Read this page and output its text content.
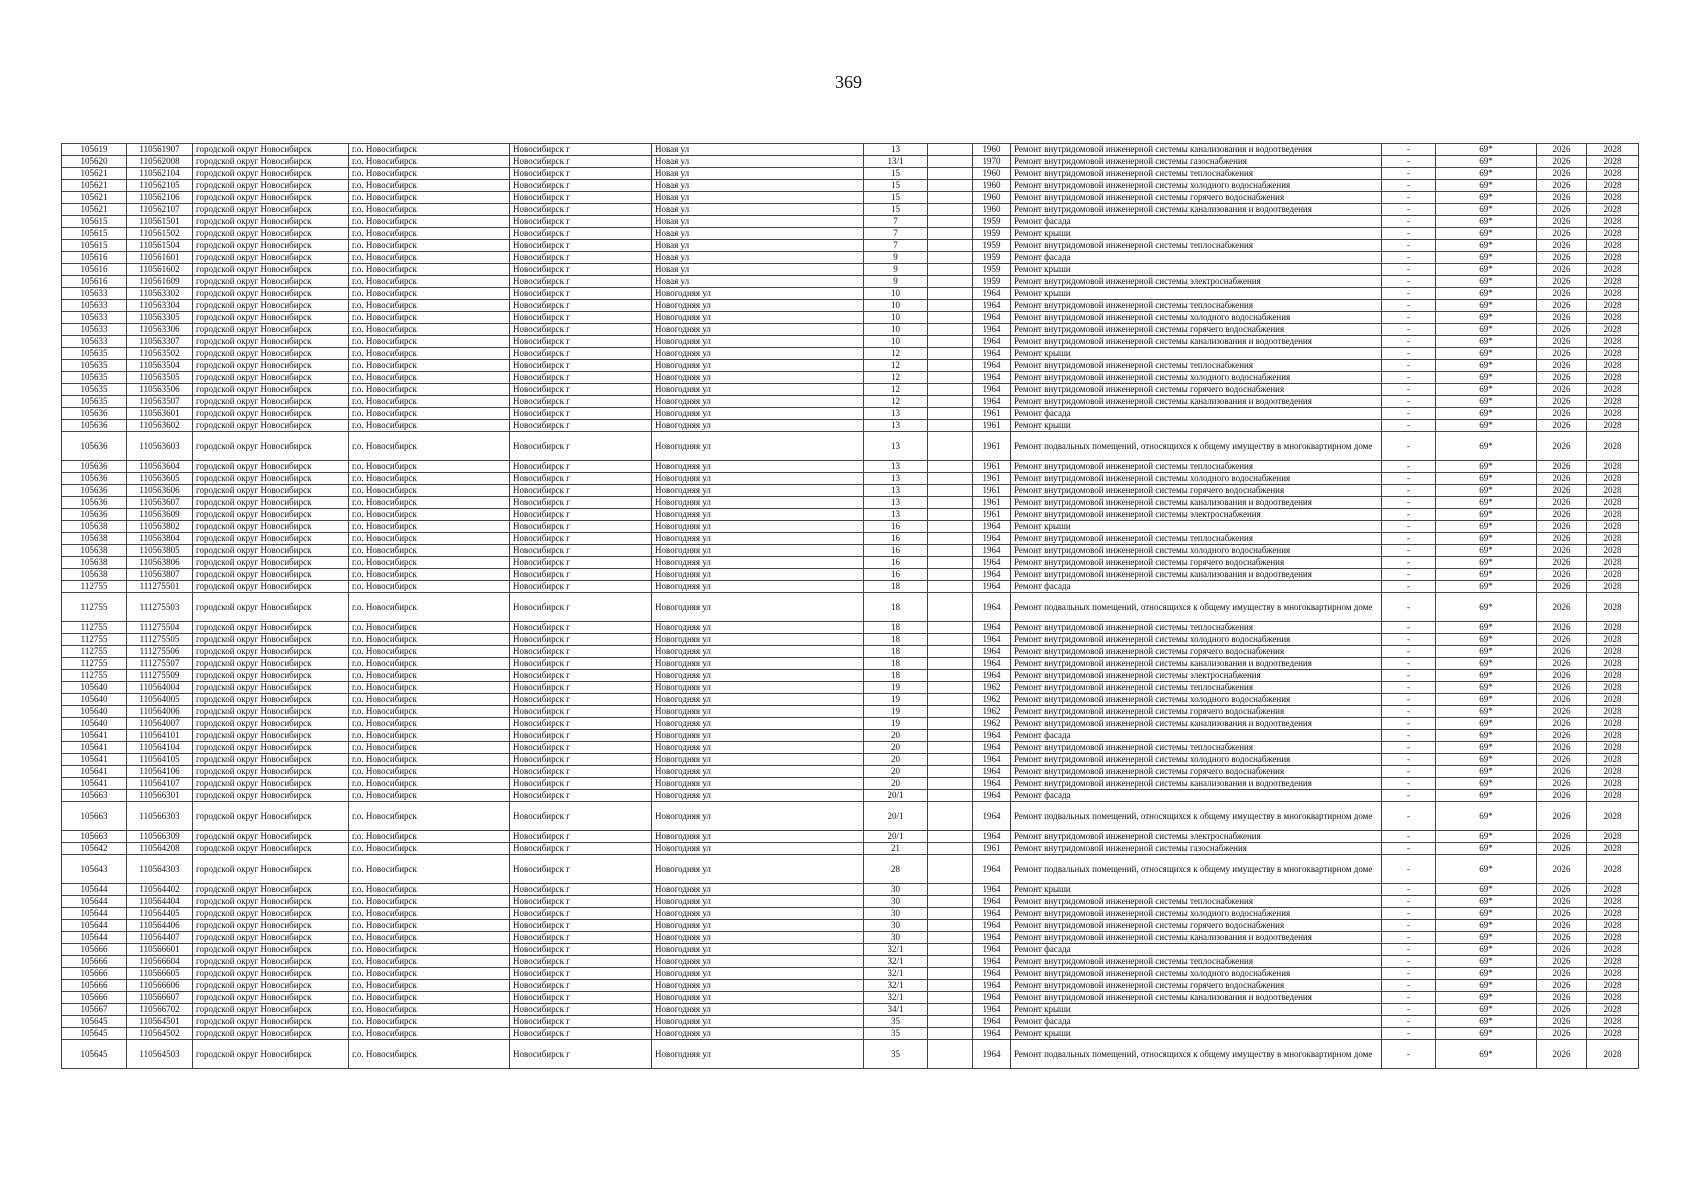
369
105619	110561907	городской округ Новосибирск	г.о. Новосибирск	Новосибирск г	Новая ул	13		1960	Ремонт внутридомовой инженерной системы канализования и водоотведения	-	69*	2026	2028
105620	110562008	городской округ Новосибирск	г.о. Новосибирск	Новосибирск г	Новая ул	13/1		1970	Ремонт внутридомовой инженерной системы газоснабжения	-	69*	2026	2028
105621	110562104	городской округ Новосибирск	г.о. Новосибирск	Новосибирск г	Новая ул	15		1960	Ремонт внутридомовой инженерной системы теплоснабжения	-	69*	2026	2028
105621	110562105	городской округ Новосибирск	г.о. Новосибирск	Новосибирск г	Новая ул	15		1960	Ремонт внутридомовой инженерной системы холодного водоснабжения	-	69*	2026	2028
105621	110562106	городской округ Новосибирск	г.о. Новосибирск	Новосибирск г	Новая ул	15		1960	Ремонт внутридомовой инженерной системы горячего водоснабжения	-	69*	2026	2028
105621	110562107	городской округ Новосибирск	г.о. Новосибирск	Новосибирск г	Новая ул	15		1960	Ремонт внутридомовой инженерной системы канализования и водоотведения	-	69*	2026	2028
105615	110561501	городской округ Новосибирск	г.о. Новосибирск	Новосибирск г	Новая ул	7		1959	Ремонт фасада	-	69*	2026	2028
105615	110561502	городской округ Новосибирск	г.о. Новосибирск	Новосибирск г	Новая ул	7		1959	Ремонт крыши	-	69*	2026	2028
105615	110561504	городской округ Новосибирск	г.о. Новосибирск	Новосибирск г	Новая ул	7		1959	Ремонт внутридомовой инженерной системы теплоснабжения	-	69*	2026	2028
105616	110561601	городской округ Новосибирск	г.о. Новосибирск	Новосибирск г	Новая ул	9		1959	Ремонт фасада	-	69*	2026	2028
105616	110561602	городской округ Новосибирск	г.о. Новосибирск	Новосибирск г	Новая ул	9		1959	Ремонт крыши	-	69*	2026	2028
105616	110561609	городской округ Новосибирск	г.о. Новосибирск	Новосибирск г	Новая ул	9		1959	Ремонт внутридомовой инженерной системы электроснабжения	-	69*	2026	2028
105633	110563302	городской округ Новосибирск	г.о. Новосибирск	Новосибирск г	Новогодняя ул	10		1964	Ремонт крыши	-	69*	2026	2028
105633	110563304	городской округ Новосибирск	г.о. Новосибирск	Новосибирск г	Новогодняя ул	10		1964	Ремонт внутридомовой инженерной системы теплоснабжения	-	69*	2026	2028
105633	110563305	городской округ Новосибирск	г.о. Новосибирск	Новосибирск г	Новогодняя ул	10		1964	Ремонт внутридомовой инженерной системы холодного водоснабжения	-	69*	2026	2028
105633	110563306	городской округ Новосибирск	г.о. Новосибирск	Новосибирск г	Новогодняя ул	10		1964	Ремонт внутридомовой инженерной системы горячего водоснабжения	-	69*	2026	2028
105633	110563307	городской округ Новосибирск	г.о. Новосибирск	Новосибирск г	Новогодняя ул	10		1964	Ремонт внутридомовой инженерной системы канализования и водоотведения	-	69*	2026	2028
105635	110563502	городской округ Новосибирск	г.о. Новосибирск	Новосибирск г	Новогодняя ул	12		1964	Ремонт крыши	-	69*	2026	2028
105635	110563504	городской округ Новосибирск	г.о. Новосибирск	Новосибирск г	Новогодняя ул	12		1964	Ремонт внутридомовой инженерной системы теплоснабжения	-	69*	2026	2028
105635	110563505	городской округ Новосибирск	г.о. Новосибирск	Новосибирск г	Новогодняя ул	12		1964	Ремонт внутридомовой инженерной системы холодного водоснабжения	-	69*	2026	2028
105635	110563506	городской округ Новосибирск	г.о. Новосибирск	Новосибирск г	Новогодняя ул	12		1964	Ремонт внутридомовой инженерной системы горячего водоснабжения	-	69*	2026	2028
105635	110563507	городской округ Новосибирск	г.о. Новосибирск	Новосибирск г	Новогодняя ул	12		1964	Ремонт внутридомовой инженерной системы канализования и водоотведения	-	69*	2026	2028
105636	110563601	городской округ Новосибирск	г.о. Новосибирск	Новосибирск г	Новогодняя ул	13		1961	Ремонт фасада	-	69*	2026	2028
105636	110563602	городской округ Новосибирск	г.о. Новосибирск	Новосибирск г	Новогодняя ул	13		1961	Ремонт крыши	-	69*	2026	2028
105636	110563603	городской округ Новосибирск	г.о. Новосибирск	Новосибирск г	Новогодняя ул	13		1961	Ремонт подвальных помещений, относящихся к общему имуществу в многоквартирном доме	-	69*	2026	2028
105636	110563604	городской округ Новосибирск	г.о. Новосибирск	Новосибирск г	Новогодняя ул	13		1961	Ремонт внутридомовой инженерной системы теплоснабжения	-	69*	2026	2028
105636	110563605	городской округ Новосибирск	г.о. Новосибирск	Новосибирск г	Новогодняя ул	13		1961	Ремонт внутридомовой инженерной системы холодного водоснабжения	-	69*	2026	2028
105636	110563606	городской округ Новосибирск	г.о. Новосибирск	Новосибирск г	Новогодняя ул	13		1961	Ремонт внутридомовой инженерной системы горячего водоснабжения	-	69*	2026	2028
105636	110563607	городской округ Новосибирск	г.о. Новосибирск	Новосибирск г	Новогодняя ул	13		1961	Ремонт внутридомовой инженерной системы канализования и водоотведения	-	69*	2026	2028
105636	110563609	городской округ Новосибирск	г.о. Новосибирск	Новосибирск г	Новогодняя ул	13		1961	Ремонт внутридомовой инженерной системы электроснабжения	-	69*	2026	2028
105638	110563802	городской округ Новосибирск	г.о. Новосибирск	Новосибирск г	Новогодняя ул	16		1964	Ремонт крыши	-	69*	2026	2028
105638	110563804	городской округ Новосибирск	г.о. Новосибирск	Новосибирск г	Новогодняя ул	16		1964	Ремонт внутридомовой инженерной системы теплоснабжения	-	69*	2026	2028
105638	110563805	городской округ Новосибирск	г.о. Новосибирск	Новосибирск г	Новогодняя ул	16		1964	Ремонт внутридомовой инженерной системы холодного водоснабжения	-	69*	2026	2028
105638	110563806	городской округ Новосибирск	г.о. Новосибирск	Новосибирск г	Новогодняя ул	16		1964	Ремонт внутридомовой инженерной системы горячего водоснабжения	-	69*	2026	2028
105638	110563807	городской округ Новосибирск	г.о. Новосибирск	Новосибирск г	Новогодняя ул	16		1964	Ремонт внутридомовой инженерной системы канализования и водоотведения	-	69*	2026	2028
112755	111275501	городской округ Новосибирск	г.о. Новосибирск	Новосибирск г	Новогодняя ул	18		1964	Ремонт фасада	-	69*	2026	2028
112755	111275503	городской округ Новосибирск	г.о. Новосибирск	Новосибирск г	Новогодняя ул	18		1964	Ремонт подвальных помещений, относящихся к общему имуществу в многоквартирном доме	-	69*	2026	2028
112755	111275504	городской округ Новосибирск	г.о. Новосибирск	Новосибирск г	Новогодняя ул	18		1964	Ремонт внутридомовой инженерной системы теплоснабжения	-	69*	2026	2028
112755	111275505	городской округ Новосибирск	г.о. Новосибирск	Новосибирск г	Новогодняя ул	18		1964	Ремонт внутридомовой инженерной системы холодного водоснабжения	-	69*	2026	2028
112755	111275506	городской округ Новосибирск	г.о. Новосибирск	Новосибирск г	Новогодняя ул	18		1964	Ремонт внутридомовой инженерной системы горячего водоснабжения	-	69*	2026	2028
112755	111275507	городской округ Новосибирск	г.о. Новосибирск	Новосибирск г	Новогодняя ул	18		1964	Ремонт внутридомовой инженерной системы канализования и водоотведения	-	69*	2026	2028
112755	111275509	городской округ Новосибирск	г.о. Новосибирск	Новосибирск г	Новогодняя ул	18		1964	Ремонт внутридомовой инженерной системы электроснабжения	-	69*	2026	2028
105640	110564004	городской округ Новосибирск	г.о. Новосибирск	Новосибирск г	Новогодняя ул	19		1962	Ремонт внутридомовой инженерной системы теплоснабжения	-	69*	2026	2028
105640	110564005	городской округ Новосибирск	г.о. Новосибирск	Новосибирск г	Новогодняя ул	19		1962	Ремонт внутридомовой инженерной системы холодного водоснабжения	-	69*	2026	2028
105640	110564006	городской округ Новосибирск	г.о. Новосибирск	Новосибирск г	Новогодняя ул	19		1962	Ремонт внутридомовой инженерной системы горячего водоснабжения	-	69*	2026	2028
105640	110564007	городской округ Новосибирск	г.о. Новосибирск	Новосибирск г	Новогодняя ул	19		1962	Ремонт внутридомовой инженерной системы канализования и водоотведения	-	69*	2026	2028
105641	110564101	городской округ Новосибирск	г.о. Новосибирск	Новосибирск г	Новогодняя ул	20		1964	Ремонт фасада	-	69*	2026	2028
105641	110564104	городской округ Новосибирск	г.о. Новосибирск	Новосибирск г	Новогодняя ул	20		1964	Ремонт внутридомовой инженерной системы теплоснабжения	-	69*	2026	2028
105641	110564105	городской округ Новосибирск	г.о. Новосибирск	Новосибирск г	Новогодняя ул	20		1964	Ремонт внутридомовой инженерной системы холодного водоснабжения	-	69*	2026	2028
105641	110564106	городской округ Новосибирск	г.о. Новосибирск	Новосибирск г	Новогодняя ул	20		1964	Ремонт внутридомовой инженерной системы горячего водоснабжения	-	69*	2026	2028
105641	110564107	городской округ Новосибирск	г.о. Новосибирск	Новосибирск г	Новогодняя ул	20		1964	Ремонт внутридомовой инженерной системы канализования и водоотведения	-	69*	2026	2028
105663	110566301	городской округ Новосибирск	г.о. Новосибирск	Новосибирск г	Новогодняя ул	20/1		1964	Ремонт фасада	-	69*	2026	2028
105663	110566303	городской округ Новосибирск	г.о. Новосибирск	Новосибирск г	Новогодняя ул	20/1		1964	Ремонт подвальных помещений, относящихся к общему имуществу в многоквартирном доме	-	69*	2026	2028
105663	110566309	городской округ Новосибирск	г.о. Новосибирск	Новосибирск г	Новогодняя ул	20/1		1964	Ремонт внутридомовой инженерной системы электроснабжения	-	69*	2026	2028
105642	110564208	городской округ Новосибирск	г.о. Новосибирск	Новосибирск г	Новогодняя ул	21		1961	Ремонт внутридомовой инженерной системы газоснабжения	-	69*	2026	2028
105643	110564303	городской округ Новосибирск	г.о. Новосибирск	Новосибирск г	Новогодняя ул	28		1964	Ремонт подвальных помещений, относящихся к общему имуществу в многоквартирном доме	-	69*	2026	2028
105644	110564402	городской округ Новосибирск	г.о. Новосибирск	Новосибирск г	Новогодняя ул	30		1964	Ремонт крыши	-	69*	2026	2028
105644	110564404	городской округ Новосибирск	г.о. Новосибирск	Новосибирск г	Новогодняя ул	30		1964	Ремонт внутридомовой инженерной системы теплоснабжения	-	69*	2026	2028
105644	110564405	городской округ Новосибирск	г.о. Новосибирск	Новосибирск г	Новогодняя ул	30		1964	Ремонт внутридомовой инженерной системы холодного водоснабжения	-	69*	2026	2028
105644	110564406	городской округ Новосибирск	г.о. Новосибирск	Новосибирск г	Новогодняя ул	30		1964	Ремонт внутридомовой инженерной системы горячего водоснабжения	-	69*	2026	2028
105644	110564407	городской округ Новосибирск	г.о. Новосибирск	Новосибирск г	Новогодняя ул	30		1964	Ремонт внутридомовой инженерной системы канализования и водоотведения	-	69*	2026	2028
105666	110566601	городской округ Новосибирск	г.о. Новосибирск	Новосибирск г	Новогодняя ул	32/1		1964	Ремонт фасада	-	69*	2026	2028
105666	110566604	городской округ Новосибирск	г.о. Новосибирск	Новосибирск г	Новогодняя ул	32/1		1964	Ремонт внутридомовой инженерной системы теплоснабжения	-	69*	2026	2028
105666	110566605	городской округ Новосибирск	г.о. Новосибирск	Новосибирск г	Новогодняя ул	32/1		1964	Ремонт внутридомовой инженерной системы холодного водоснабжения	-	69*	2026	2028
105666	110566606	городской округ Новосибирск	г.о. Новосибирск	Новосибирск г	Новогодняя ул	32/1		1964	Ремонт внутридомовой инженерной системы горячего водоснабжения	-	69*	2026	2028
105666	110566607	городской округ Новосибирск	г.о. Новосибирск	Новосибирск г	Новогодняя ул	32/1		1964	Ремонт внутридомовой инженерной системы канализования и водоотведения	-	69*	2026	2028
105667	110566702	городской округ Новосибирск	г.о. Новосибирск	Новосибирск г	Новогодняя ул	34/1		1964	Ремонт крыши	-	69*	2026	2028
105645	110564501	городской округ Новосибирск	г.о. Новосибирск	Новосибирск г	Новогодняя ул	35		1964	Ремонт фасада	-	69*	2026	2028
105645	110564502	городской округ Новосибирск	г.о. Новосибирск	Новосибирск г	Новогодняя ул	35		1964	Ремонт крыши	-	69*	2026	2028
105645	110564503	городской округ Новосибирск	г.о. Новосибирск	Новосибирск г	Новогодняя ул	35		1964	Ремонт подвальных помещений, относящихся к общему имуществу в многоквартирном доме	-	69*	2026	2028
